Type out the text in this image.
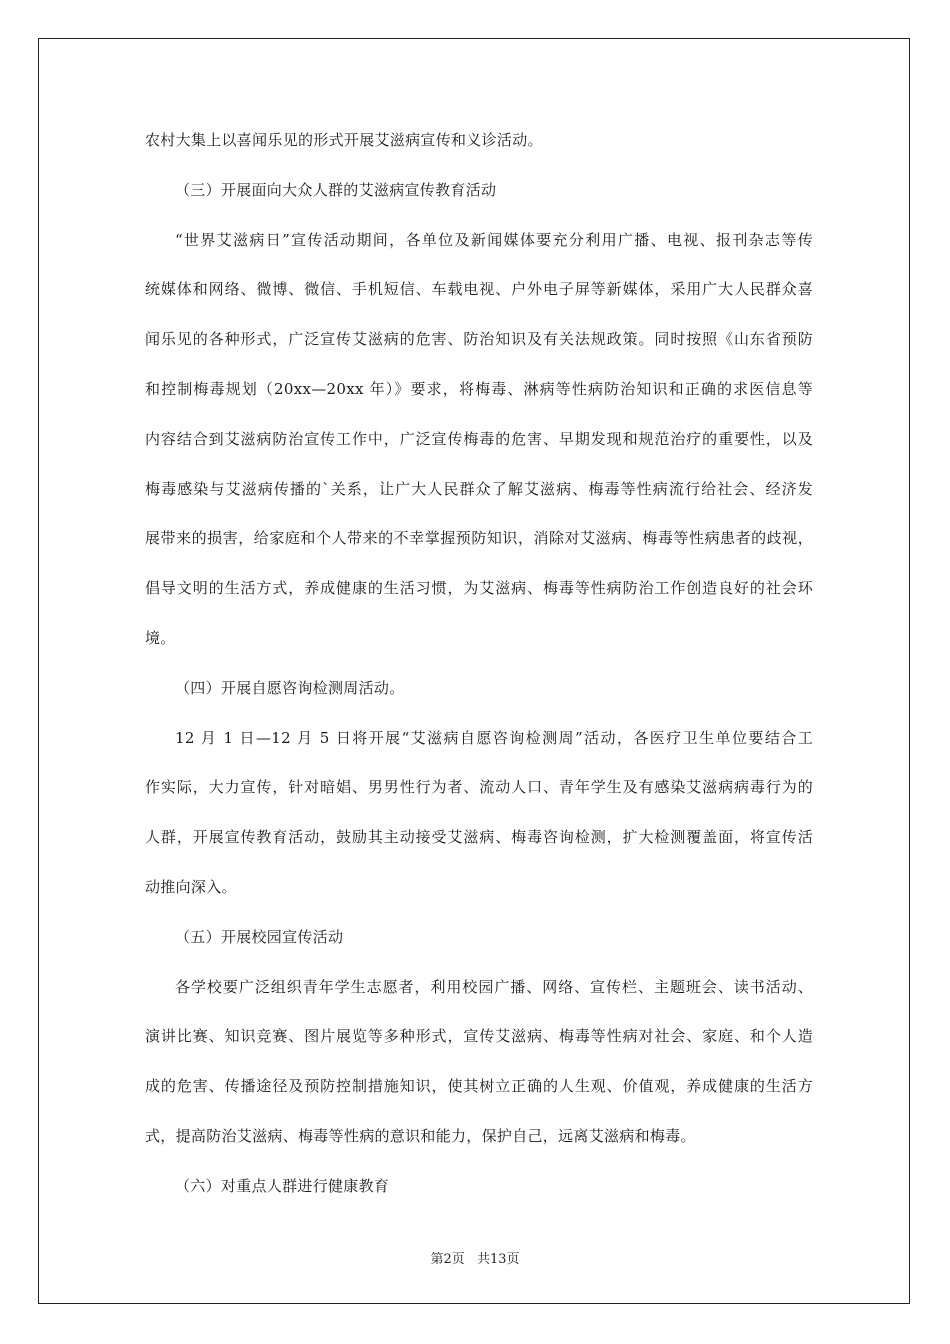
农村大集上以喜闻乐见的形式开展艾滋病宣传和义诊活动。
（三）开展面向大众人群的艾滋病宣传教育活动
“世界艾滋病日”宣传活动期间，各单位及新闻媒体要充分利用广播、电视、报刊杂志等传
统媒体和网络、微博、微信、手机短信、车载电视、户外电子屏等新媒体，采用广大人民群众喜
闻乐见的各种形式，广泛宣传艾滋病的危害、防治知识及有关法规政策。同时按照《山东省预防
和控制梅毒规划（20xx—20xx 年）》要求，将梅毒、淋病等性病防治知识和正确的求医信息等
内容结合到艾滋病防治宣传工作中，广泛宣传梅毒的危害、早期发现和规范治疗的重要性，以及
梅毒感染与艾滋病传播的`关系，让广大人民群众了解艾滋病、梅毒等性病流行给社会、经济发
展带来的损害，给家庭和个人带来的不幸掌握预防知识，消除对艾滋病、梅毒等性病患者的歧视，
倡导文明的生活方式，养成健康的生活习惯，为艾滋病、梅毒等性病防治工作创造良好的社会环
境。
（四）开展自愿咨询检测周活动。
12 月 1 日—12 月 5 日将开展“艾滋病自愿咨询检测周”活动，各医疗卫生单位要结合工
作实际，大力宣传，针对暗娼、男男性行为者、流动人口、青年学生及有感染艾滋病病毒行为的
人群，开展宣传教育活动，鼓励其主动接受艾滋病、梅毒咨询检测，扩大检测覆盖面，将宣传活
动推向深入。
（五）开展校园宣传活动
各学校要广泛组织青年学生志愿者，利用校园广播、网络、宣传栏、主题班会、读书活动、
演讲比赛、知识竞赛、图片展览等多种形式，宣传艾滋病、梅毒等性病对社会、家庭、和个人造
成的危害、传播途径及预防控制措施知识，使其树立正确的人生观、价值观，养成健康的生活方
式，提高防治艾滋病、梅毒等性病的意识和能力，保护自己，远离艾滋病和梅毒。
（六）对重点人群进行健康教育
第2页 共13页
